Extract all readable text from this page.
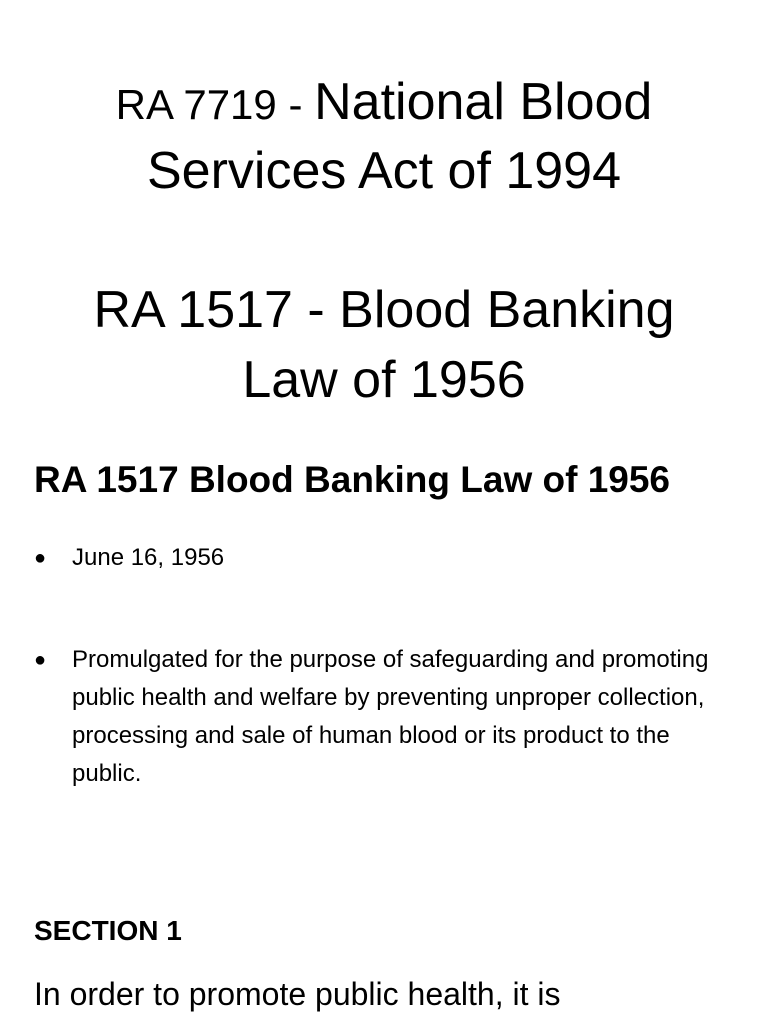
RA 7719 - National Blood
Services Act of 1994
RA 1517 - Blood Banking
Law of 1956
RA 1517 Blood Banking Law of 1956
●	June 16, 1956
●	Promulgated for the purpose of safeguarding and promoting public health and welfare by preventing unproper collection, processing and sale of human blood or its product to the public.
SECTION 1

In order to promote public health, it is
